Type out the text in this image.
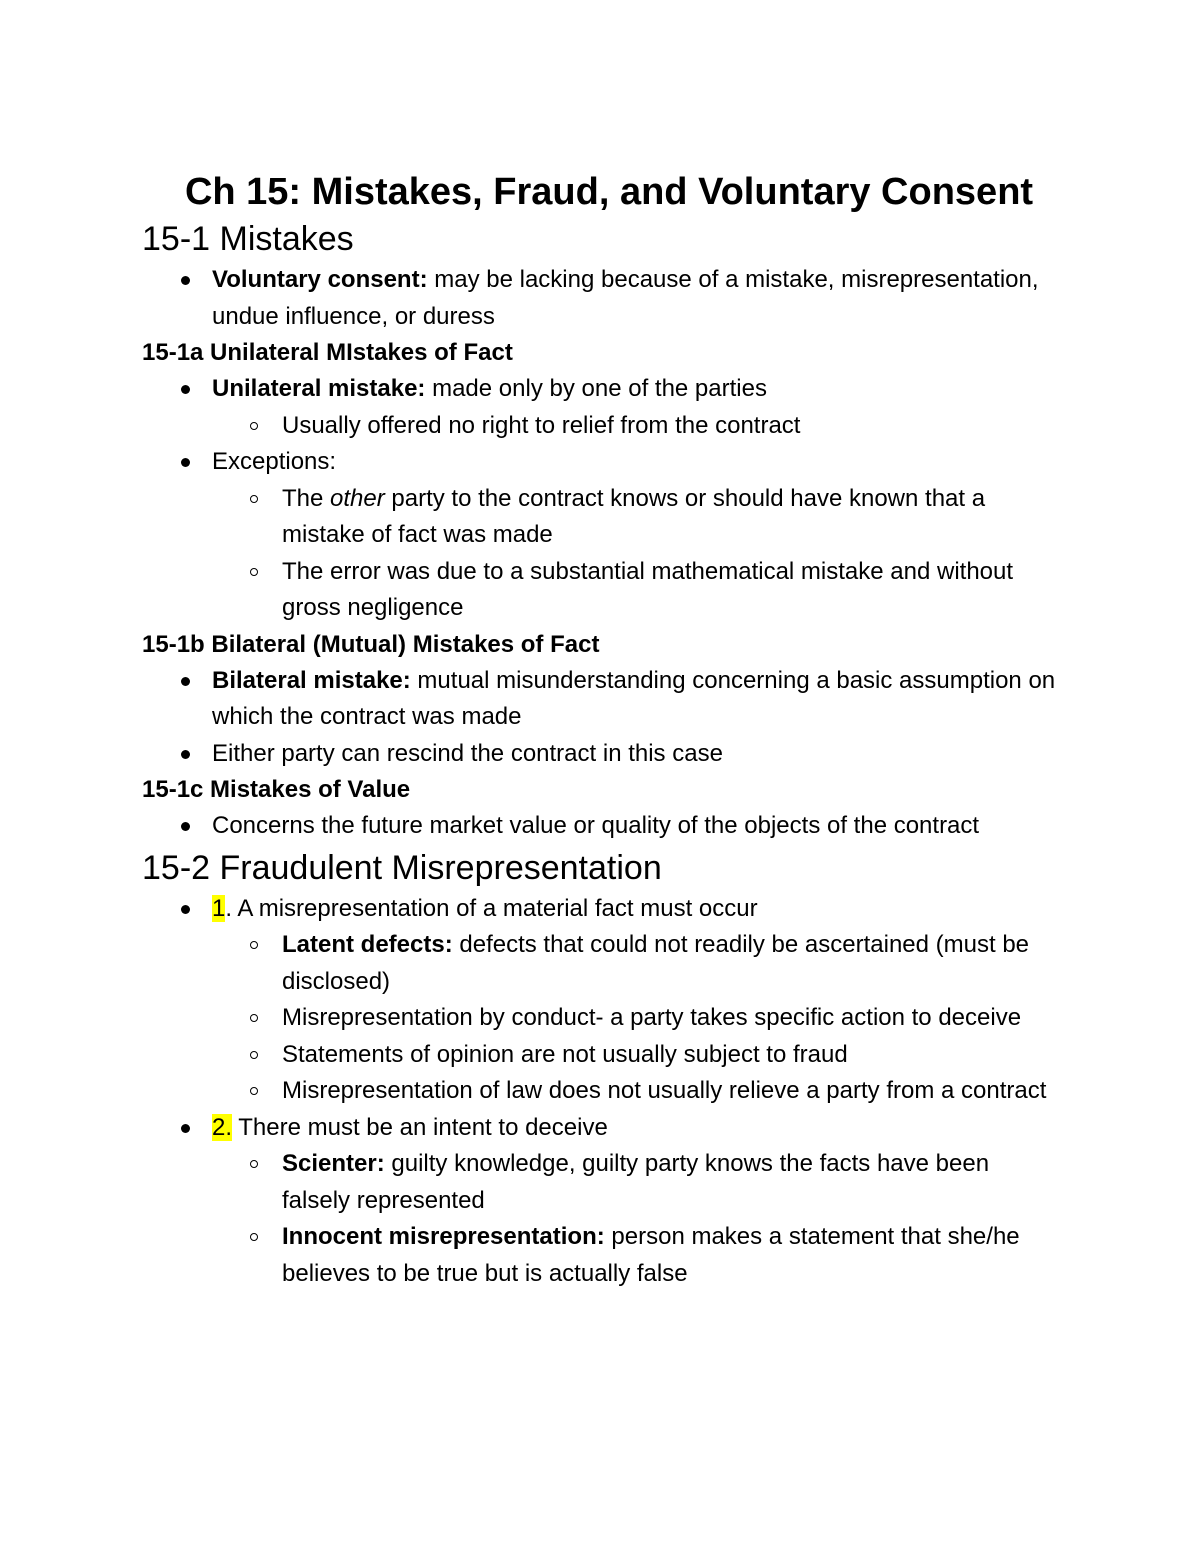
Ch 15: Mistakes, Fraud, and Voluntary Consent
15-1 Mistakes
Voluntary consent: may be lacking because of a mistake, misrepresentation, undue influence, or duress
15-1a Unilateral MIstakes of Fact
Unilateral mistake: made only by one of the parties
Usually offered no right to relief from the contract
Exceptions:
The other party to the contract knows or should have known that a mistake of fact was made
The error was due to a substantial mathematical mistake and without gross negligence
15-1b Bilateral (Mutual) Mistakes of Fact
Bilateral mistake: mutual misunderstanding concerning a basic assumption on which the contract was made
Either party can rescind the contract in this case
15-1c Mistakes of Value
Concerns the future market value or quality of the objects of the contract
15-2 Fraudulent Misrepresentation
1. A misrepresentation of a material fact must occur
Latent defects: defects that could not readily be ascertained (must be disclosed)
Misrepresentation by conduct- a party takes specific action to deceive
Statements of opinion are not usually subject to fraud
Misrepresentation of law does not usually relieve a party from a contract
2. There must be an intent to deceive
Scienter: guilty knowledge, guilty party knows the facts have been falsely represented
Innocent misrepresentation: person makes a statement that she/he believes to be true but is actually false
